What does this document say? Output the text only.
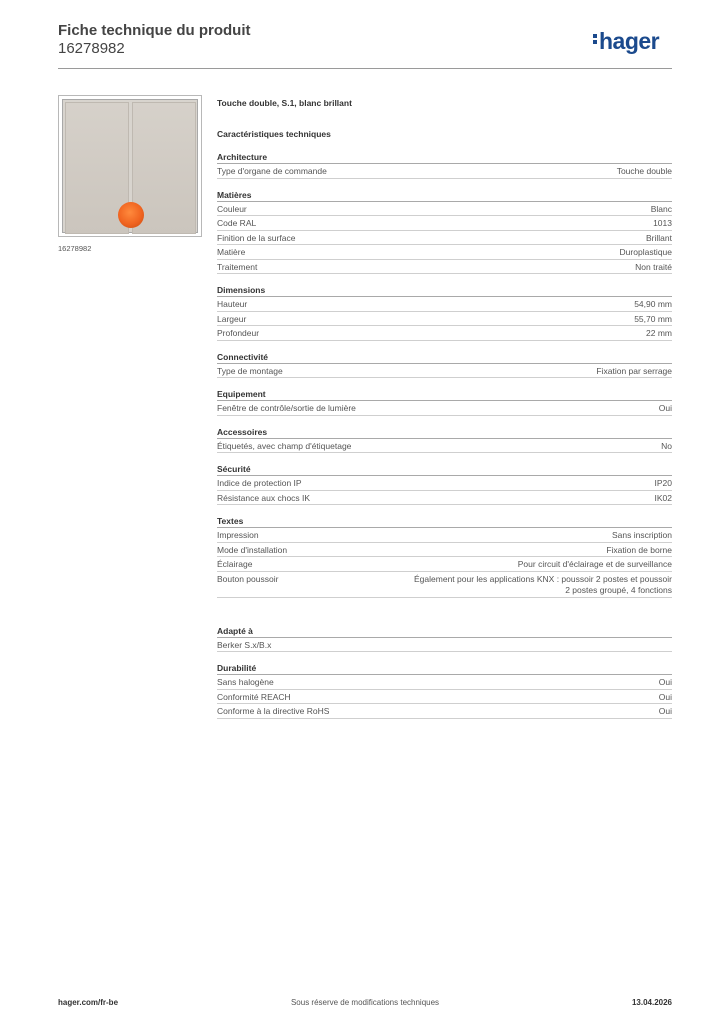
Fiche technique du produit
16278982	hager
16278982
Touche double, S.1, blanc brillant
Caractéristiques techniques
Architecture
Type d'organe de commande	Touche double
Matières
Couleur	Blanc
Code RAL	1013
Finition de la surface	Brillant
Matière	Duroplastique
Traitement	Non traité
Dimensions
Hauteur	54,90 mm
Largeur	55,70 mm
Profondeur	22 mm
Connectivité
Type de montage	Fixation par serrage
Equipement
Fenêtre de contrôle/sortie de lumière	Oui
Accessoires
Étiquetés, avec champ d'étiquetage	No
Sécurité
Indice de protection IP	IP20
Résistance aux chocs IK	IK02
Textes
Impression	Sans inscription
Mode d'installation	Fixation de borne
Éclairage	Pour circuit d'éclairage et de surveillance
Bouton poussoir	Également pour les applications KNX : poussoir 2 postes et poussoir
2 postes groupé, 4 fonctions
Adapté à
Berker S.x/B.x
Durabilité
Sans halogène	Oui
Conformité REACH	Oui
Conforme à la directive RoHS	Oui
hager.com/fr-be	Sous réserve de modifications techniques	13.04.2026
